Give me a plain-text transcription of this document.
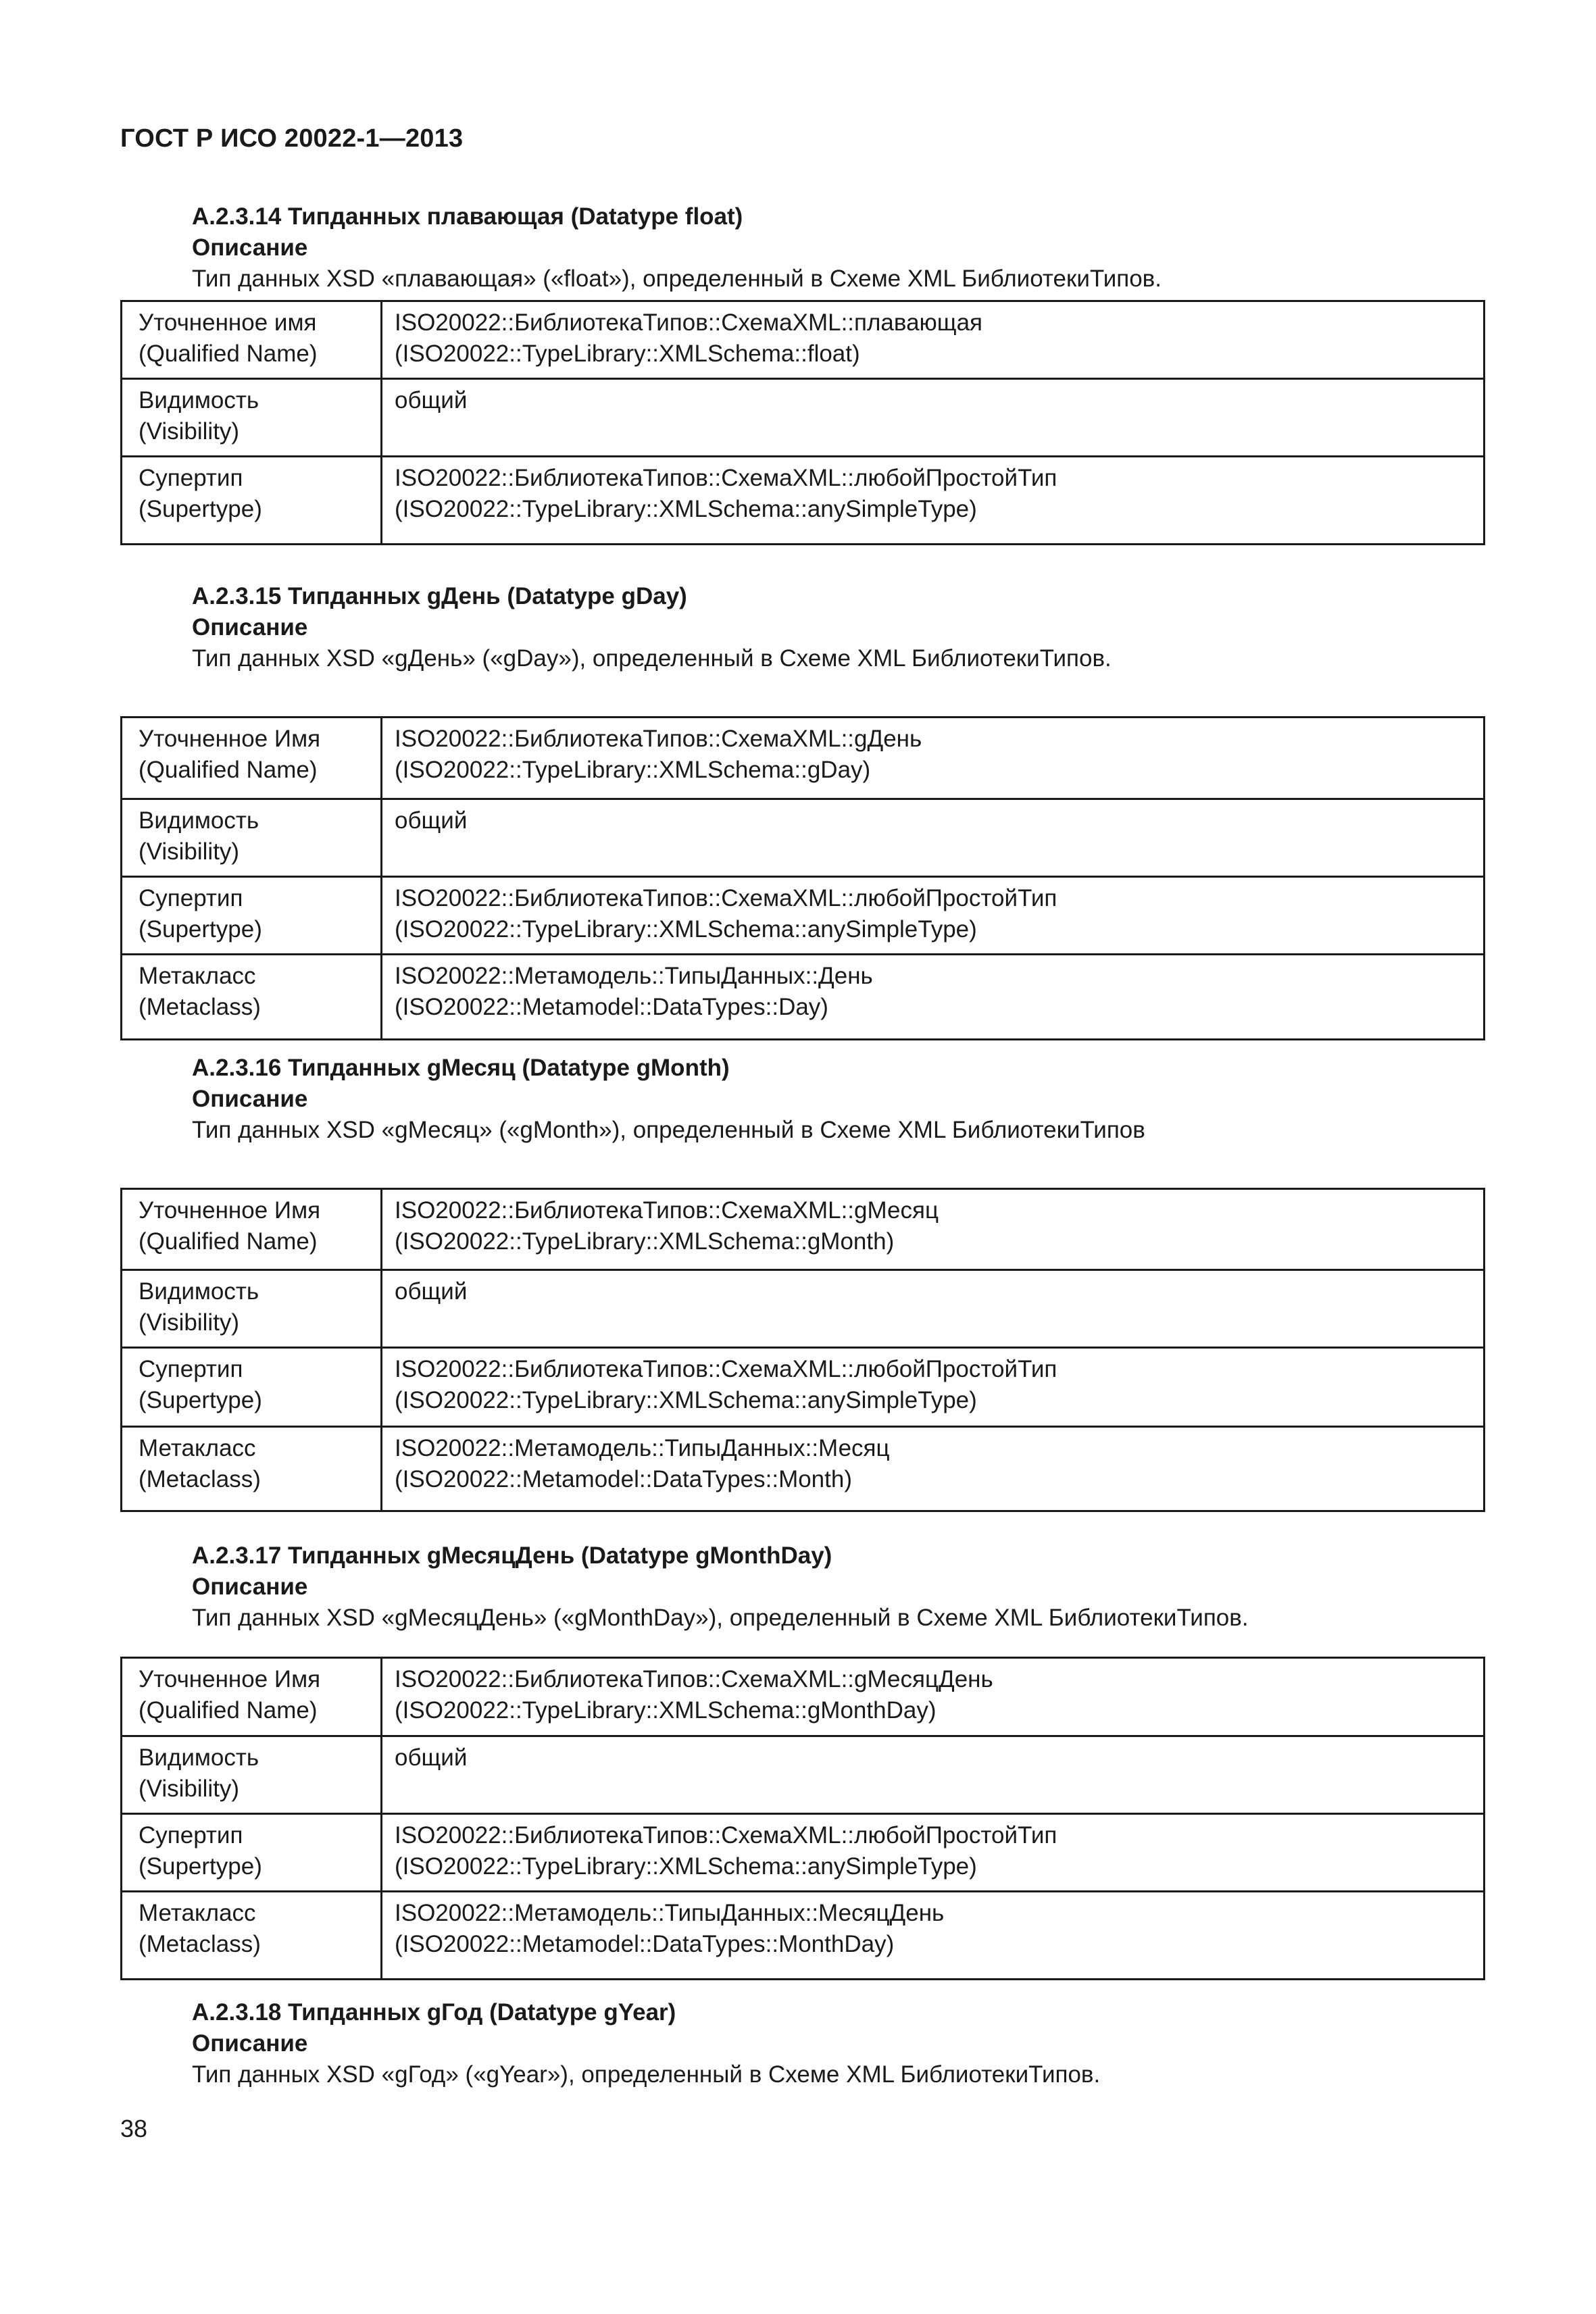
ГОСТ Р ИСО 20022-1—2013
А.2.3.14 Типданных плавающая (Datatype float)
Описание
Тип данных XSD «плавающая» («float»), определенный в Схеме XML БиблиотекиТипов.
Уточненное имя
(Qualified Name)	ISO20022::БиблиотекаТипов::СхемаXML::плавающая
(ISO20022::TypeLibrary::XMLSchema::float)

Видимость
(Visibility)	общий

Супертип
(Supertype)	ISO20022::БиблиотекаТипов::СхемаXML::любойПростойТип
(ISO20022::TypeLibrary::XMLSchema::anySimpleType)
А.2.3.15 Типданных gДень (Datatype gDay)
Описание
Тип данных XSD «gДень» («gDay»), определенный в Схеме XML БиблиотекиТипов.
Уточненное Имя
(Qualified Name)	ISO20022::БиблиотекаТипов::СхемаXML::gДень
(ISO20022::TypeLibrary::XMLSchema::gDay)

Видимость
(Visibility)	общий

Супертип
(Supertype)	ISO20022::БиблиотекаТипов::СхемаXML::любойПростойТип
(ISO20022::TypeLibrary::XMLSchema::anySimpleType)

Метакласс
(Metaclass)	ISO20022::Метамодель::ТипыДанных::День
(ISO20022::Metamodel::DataTypes::Day)
А.2.3.16 Типданных gМесяц (Datatype gMonth)
Описание
Тип данных XSD «gМесяц» («gMonth»), определенный в Схеме XML БиблиотекиТипов
Уточненное Имя
(Qualified Name)	ISO20022::БиблиотекаТипов::СхемаXML::gМесяц
(ISO20022::TypeLibrary::XMLSchema::gMonth)

Видимость
(Visibility)	общий

Супертип
(Supertype)	ISO20022::БиблиотекаТипов::СхемаXML::любойПростойТип
(ISO20022::TypeLibrary::XMLSchema::anySimpleType)

Метакласс
(Metaclass)	ISO20022::Метамодель::ТипыДанных::Месяц
(ISO20022::Metamodel::DataTypes::Month)
А.2.3.17 Типданных gМесяцДень (Datatype gMonthDay)
Описание
Тип данных XSD «gМесяцДень» («gMonthDay»), определенный в Схеме XML БиблиотекиТипов.
Уточненное Имя
(Qualified Name)	ISO20022::БиблиотекаТипов::СхемаXML::gМесяцДень
(ISO20022::TypeLibrary::XMLSchema::gMonthDay)

Видимость
(Visibility)	общий

Супертип
(Supertype)	ISO20022::БиблиотекаТипов::СхемаXML::любойПростойТип
(ISO20022::TypeLibrary::XMLSchema::anySimpleType)

Метакласс
(Metaclass)	ISO20022::Метамодель::ТипыДанных::МесяцДень
(ISO20022::Metamodel::DataTypes::MonthDay)
А.2.3.18 Типданных gГод (Datatype gYear)
Описание
Тип данных XSD «gГод» («gYear»), определенный в Схеме XML БиблиотекиТипов.
38
